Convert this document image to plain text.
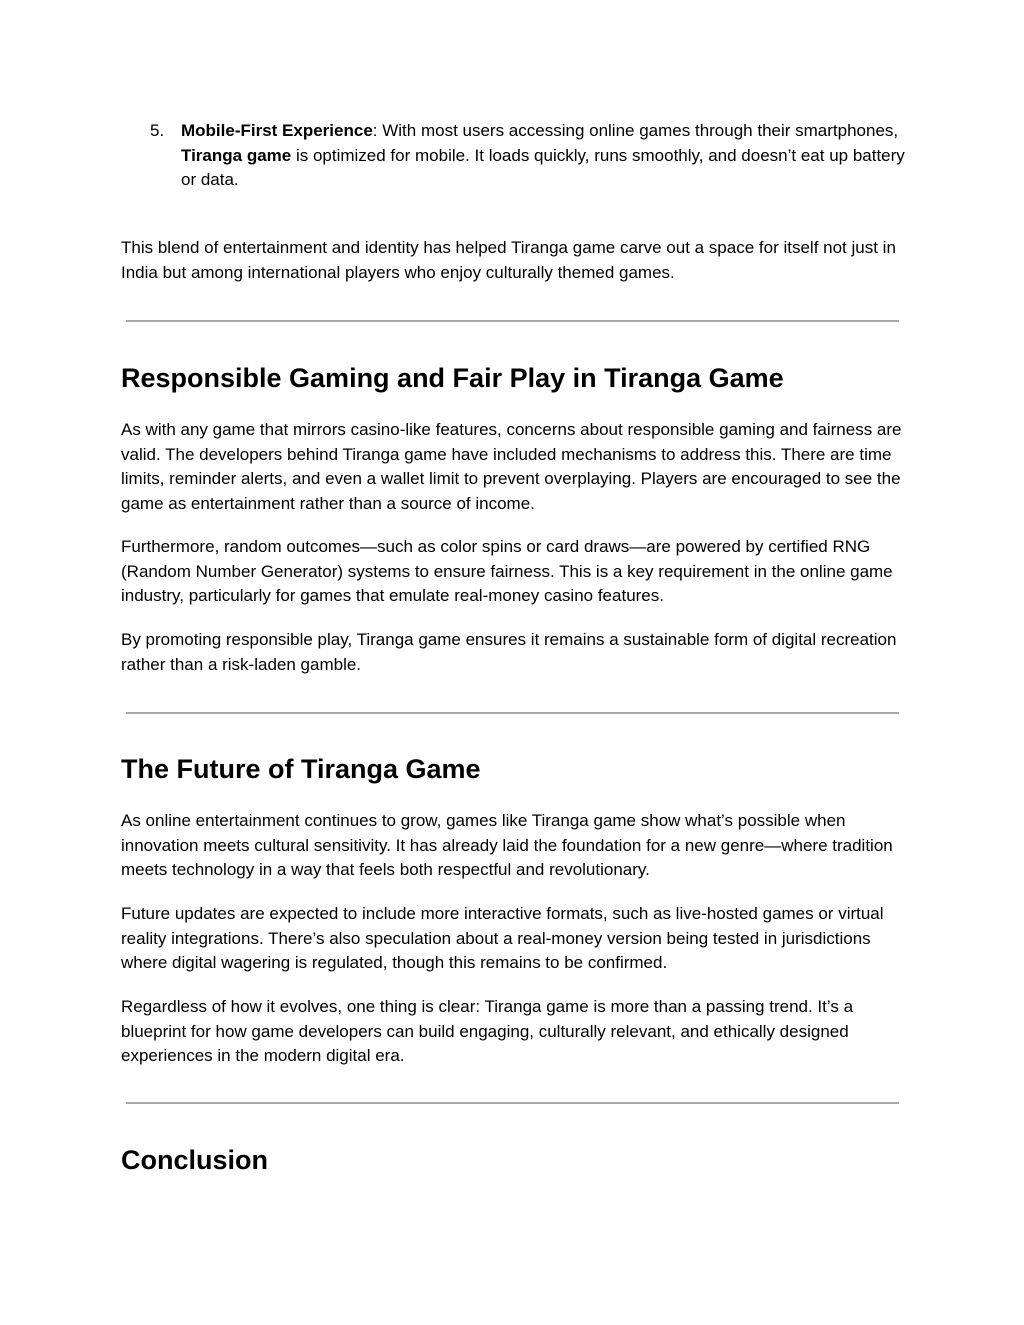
5. Mobile-First Experience: With most users accessing online games through their smartphones, Tiranga game is optimized for mobile. It loads quickly, runs smoothly, and doesn’t eat up battery or data.

This blend of entertainment and identity has helped Tiranga game carve out a space for itself not just in India but among international players who enjoy culturally themed games.

Responsible Gaming and Fair Play in Tiranga Game

As with any game that mirrors casino-like features, concerns about responsible gaming and fairness are valid. The developers behind Tiranga game have included mechanisms to address this. There are time limits, reminder alerts, and even a wallet limit to prevent overplaying. Players are encouraged to see the game as entertainment rather than a source of income.

Furthermore, random outcomes—such as color spins or card draws—are powered by certified RNG (Random Number Generator) systems to ensure fairness. This is a key requirement in the online game industry, particularly for games that emulate real-money casino features.

By promoting responsible play, Tiranga game ensures it remains a sustainable form of digital recreation rather than a risk-laden gamble.

The Future of Tiranga Game

As online entertainment continues to grow, games like Tiranga game show what’s possible when innovation meets cultural sensitivity. It has already laid the foundation for a new genre—where tradition meets technology in a way that feels both respectful and revolutionary.

Future updates are expected to include more interactive formats, such as live-hosted games or virtual reality integrations. There’s also speculation about a real-money version being tested in jurisdictions where digital wagering is regulated, though this remains to be confirmed.

Regardless of how it evolves, one thing is clear: Tiranga game is more than a passing trend. It’s a blueprint for how game developers can build engaging, culturally relevant, and ethically designed experiences in the modern digital era.

Conclusion
